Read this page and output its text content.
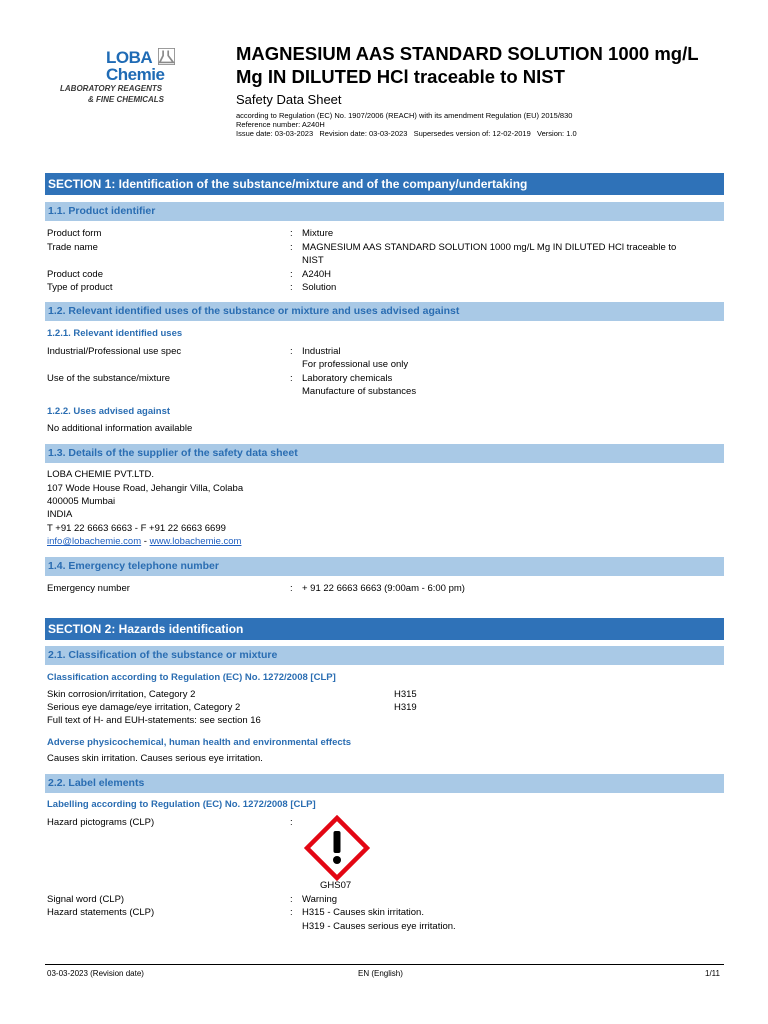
LOBA
Chemie
LABORATORY REAGENTS
& FINE CHEMICALS
MAGNESIUM AAS STANDARD SOLUTION 1000 mg/L Mg IN DILUTED HCl traceable to NIST
Safety Data Sheet
according to Regulation (EC) No. 1907/2006 (REACH) with its amendment Regulation (EU) 2015/830
Reference number: A240H
Issue date: 03-03-2023   Revision date: 03-03-2023   Supersedes version of: 12-02-2019   Version: 1.0
SECTION 1: Identification of the substance/mixture and of the company/undertaking
1.1. Product identifier
Product form	: Mixture
Trade name	: MAGNESIUM AAS STANDARD SOLUTION 1000 mg/L Mg IN DILUTED HCl traceable to
NIST
Product code	: A240H
Type of product	: Solution
1.2. Relevant identified uses of the substance or mixture and uses advised against
1.2.1. Relevant identified uses
Industrial/Professional use spec	: Industrial
For professional use only
Use of the substance/mixture	: Laboratory chemicals
Manufacture of substances
1.2.2. Uses advised against
No additional information available
1.3. Details of the supplier of the safety data sheet
LOBA CHEMIE PVT.LTD.
107 Wode House Road, Jehangir Villa, Colaba
400005 Mumbai
INDIA
T +91 22 6663 6663 - F +91 22 6663 6699
info@lobachemie.com - www.lobachemie.com
1.4. Emergency telephone number
Emergency number	: + 91 22 6663 6663 (9:00am - 6:00 pm)
SECTION 2: Hazards identification
2.1. Classification of the substance or mixture
Classification according to Regulation (EC) No. 1272/2008 [CLP]
Skin corrosion/irritation, Category 2	H315
Serious eye damage/eye irritation, Category 2	H319
Full text of H- and EUH-statements: see section 16
Adverse physicochemical, human health and environmental effects
Causes skin irritation. Causes serious eye irritation.
2.2. Label elements
Labelling according to Regulation (EC) No. 1272/2008 [CLP]
Hazard pictograms (CLP)	:
GHS07
Signal word (CLP)	: Warning
Hazard statements (CLP)	: H315 - Causes skin irritation.
H319 - Causes serious eye irritation.
03-03-2023 (Revision date)	EN (English)	1/11
